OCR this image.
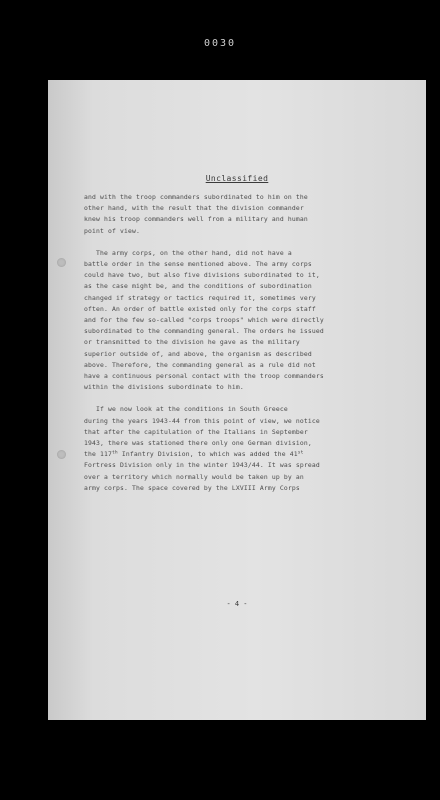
0030
Unclassified
and with the troop commanders subordinated to him on the
other hand, with the result that the division commander
knew his troop commanders well from a military and human
point of view.
The army corps, on the other hand, did not have a
battle order in the sense mentioned above. The army corps
could have two, but also five divisions subordinated to it,
as the case might be, and the conditions of subordination
changed if strategy or tactics required it, sometimes very
often. An order of battle existed only for the corps staff
and for the few so-called "corps troops" which were directly
subordinated to the commanding general. The orders he issued
or transmitted to the division he gave as the military
superior outside of, and above, the organism as described
above. Therefore, the commanding general as a rule did not
have a continuous personal contact with the troop commanders
within the divisions subordinate to him.
If we now look at the conditions in South Greece
during the years 1943-44 from this point of view, we notice
that after the capitulation of the Italians in September
1943, there was stationed there only one German division,
the 117th Infantry Division, to which was added the 41st
Fortress Division only in the winter 1943/44. It was spread
over a territory which normally would be taken up by an
army corps. The space covered by the LXVIII Army Corps
- 4 -
